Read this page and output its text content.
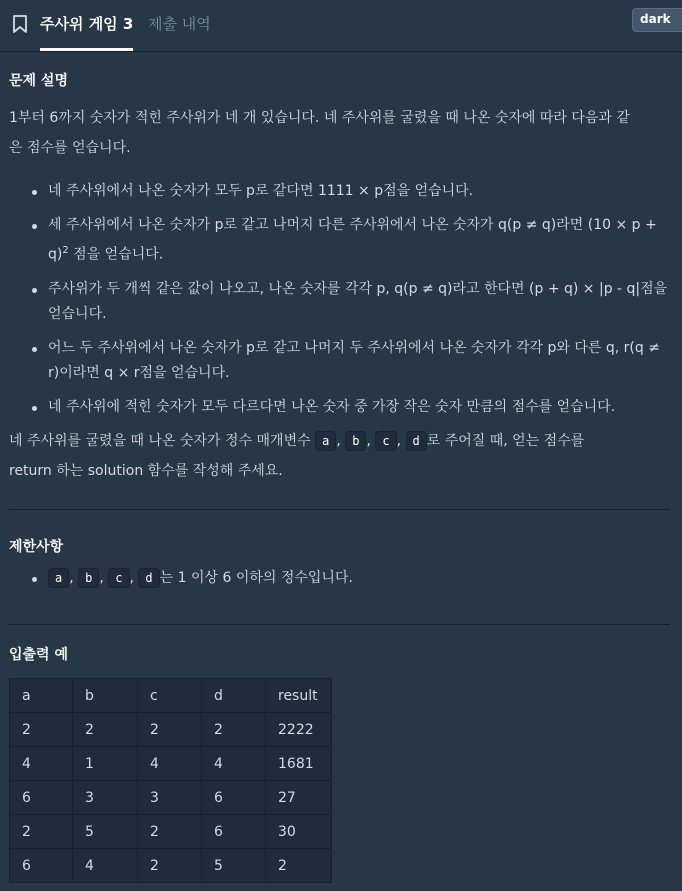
주사위 게임 3 제출 내역	dark
문제 설명
1부터 6까지 숫자가 적힌 주사위가 네 개 있습니다. 네 주사위를 굴렸을 때 나온 숫자에 따라 다음과 같
은 점수를 얻습니다.
네 주사위에서 나온 숫자가 모두 p로 같다면 1111 × p점을 얻습니다.
세 주사위에서 나온 숫자가 p로 같고 나머지 다른 주사위에서 나온 숫자가 q(p ≠ q)라면 $(10 \times p + q)^2$ 점을 얻습니다.
주사위가 두 개씩 같은 값이 나오고, 나온 숫자를 각각 p, q(p ≠ q)라고 한다면 (p + q) × |p - q|점을 얻습니다.
어느 두 주사위에서 나온 숫자가 p로 같고 나머지 두 주사위에서 나온 숫자가 각각 p와 다른 q, r(q ≠ r)이라면 q × r점을 얻습니다.
네 주사위에 적힌 숫자가 모두 다르다면 나온 숫자 중 가장 작은 숫자 만큼의 점수를 얻습니다.
네 주사위를 굴렸을 때 나온 숫자가 정수 매개변수 a , b , c , d 로 주어질 때, 얻는 점수를
return 하는 solution 함수를 작성해 주세요.
제한사항
a , b , c , d 는 1 이상 6 이하의 정수입니다.
입출력 예
a	b	c	d	result
2	2	2	2	2222
4	1	4	4	1681
6	3	3	6	27
2	5	2	6	30
6	4	2	5	2
